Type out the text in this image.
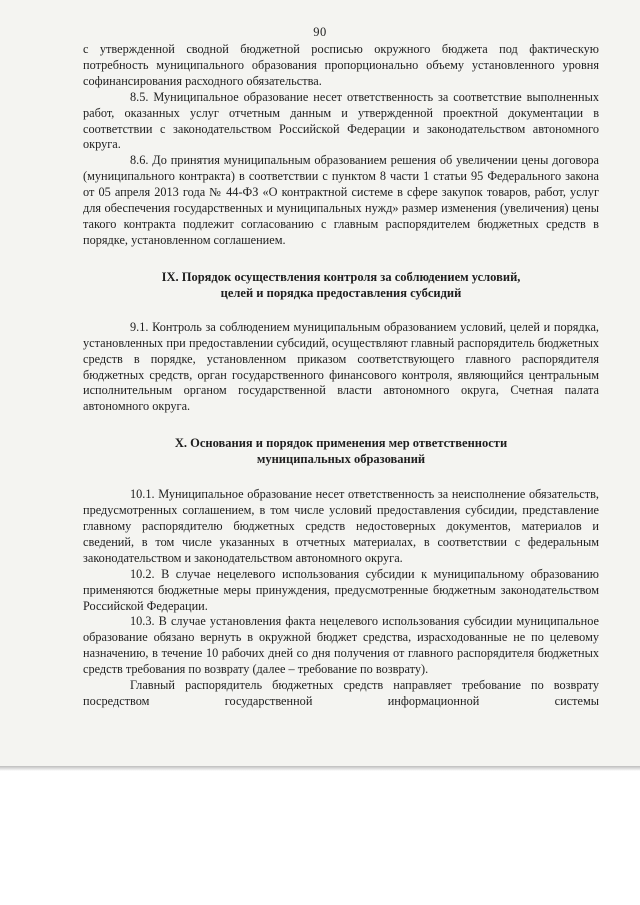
90

с утвержденной сводной бюджетной росписью окружного бюджета под фактическую потребность муниципального образования пропорционально объему установленного уровня софинансирования расходного обязательства.

8.5. Муниципальное образование несет ответственность за соответствие выполненных работ, оказанных услуг отчетным данным и утвержденной проектной документации в соответствии с законодательством Российской Федерации и законодательством автономного округа.

8.6. До принятия муниципальным образованием решения об увеличении цены договора (муниципального контракта) в соответствии с пунктом 8 части 1 статьи 95 Федерального закона от 05 апреля 2013 года № 44-ФЗ «О контрактной системе в сфере закупок товаров, работ, услуг для обеспечения государственных и муниципальных нужд» размер изменения (увеличения) цены такого контракта подлежит согласованию с главным распорядителем бюджетных средств в порядке, установленном соглашением.

IX. Порядок осуществления контроля за соблюдением условий,
целей и порядка предоставления субсидий

9.1. Контроль за соблюдением муниципальным образованием условий, целей и порядка, установленных при предоставлении субсидий, осуществляют главный распорядитель бюджетных средств в порядке, установленном приказом соответствующего главного распорядителя бюджетных средств, орган государственного финансового контроля, являющийся центральным исполнительным органом государственной власти автономного округа, Счетная палата автономного округа.

X. Основания и порядок применения мер ответственности
муниципальных образований

10.1. Муниципальное образование несет ответственность за неисполнение обязательств, предусмотренных соглашением, в том числе условий предоставления субсидии, представление главному распорядителю бюджетных средств недостоверных документов, материалов и сведений, в том числе указанных в отчетных материалах, в соответствии с федеральным законодательством и законодательством автономного округа.

10.2. В случае нецелевого использования субсидии к муниципальному образованию применяются бюджетные меры принуждения, предусмотренные бюджетным законодательством Российской Федерации.

10.3. В случае установления факта нецелевого использования субсидии муниципальное образование обязано вернуть в окружной бюджет средства, израсходованные не по целевому назначению, в течение 10 рабочих дней со дня получения от главного распорядителя бюджетных средств требования по возврату (далее – требование по возврату).

Главный распорядитель бюджетных средств направляет требование по возврату посредством государственной информационной системы
